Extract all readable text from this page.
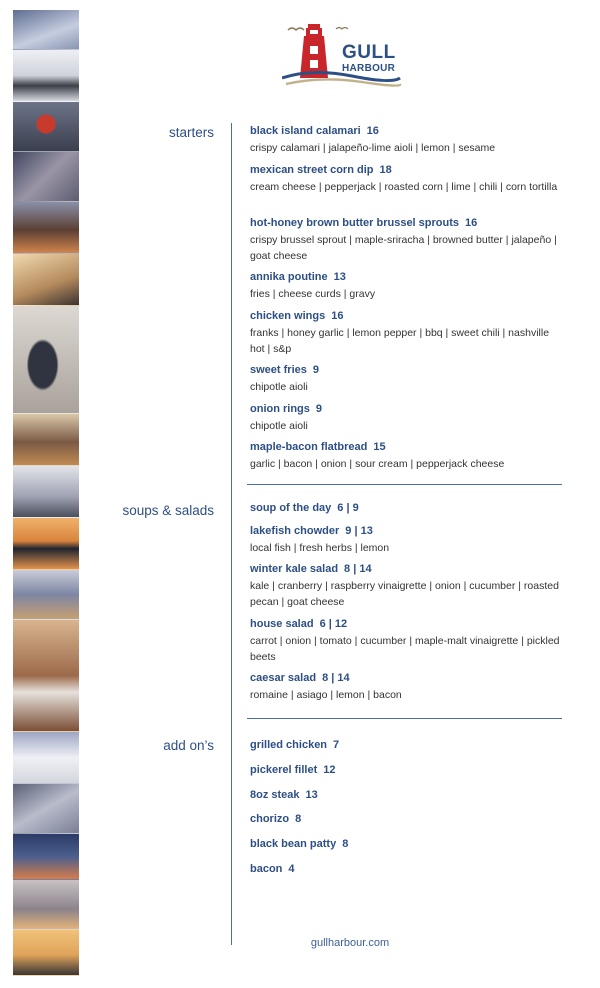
GULL
HARBOUR
starters
soups & salads
add on’s
black island calamari 16
crispy calamari | jalapeño-lime aioli | lemon | sesame
mexican street corn dip 18
cream cheese | pepperjack | roasted corn | lime | chili | corn tortilla
hot-honey brown butter brussel sprouts 16
crispy brussel sprout | maple-sriracha | browned butter | jalapeño | goat cheese
annika poutine 13
fries | cheese curds | gravy
chicken wings 16
franks | honey garlic | lemon pepper | bbq | sweet chili | nashville hot | s&p
sweet fries 9
chipotle aioli
onion rings 9
chipotle aioli
maple-bacon flatbread 15
garlic | bacon | onion | sour cream | pepperjack cheese
soup of the day 6 | 9
lakefish chowder 9 | 13
local fish | fresh herbs | lemon
winter kale salad 8 | 14
kale | cranberry | raspberry vinaigrette | onion | cucumber | roasted pecan | goat cheese
house salad 6 | 12
carrot | onion | tomato | cucumber | maple-malt vinaigrette | pickled beets
caesar salad 8 | 14
romaine | asiago | lemon | bacon
grilled chicken 7
pickerel fillet 12
8oz steak 13
chorizo 8
black bean patty 8
bacon 4
gullharbour.com
